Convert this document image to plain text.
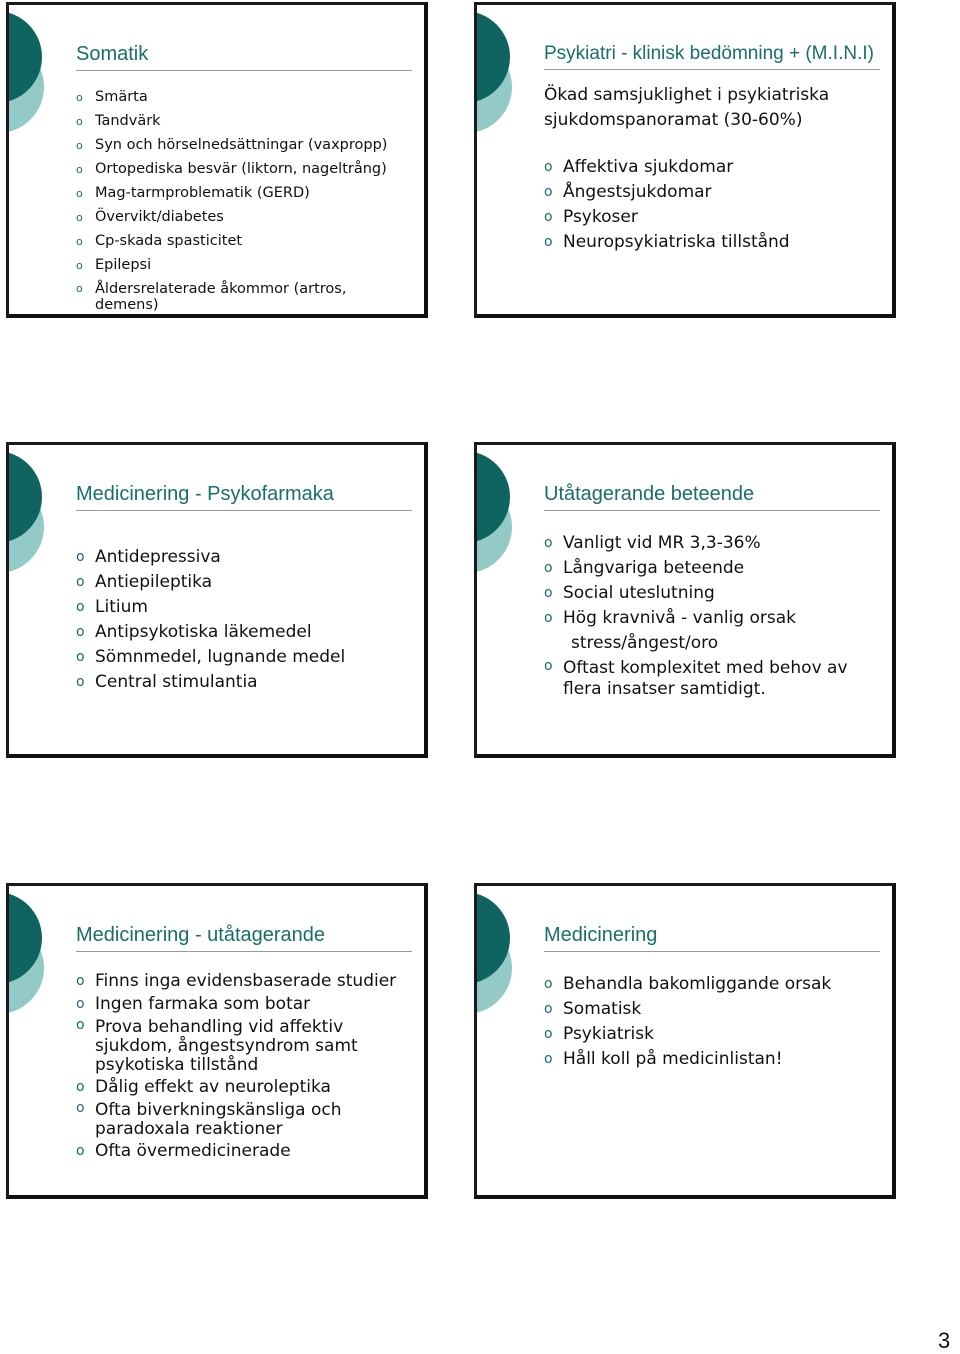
Somatik
o Smärta
o Tandvärk
o Syn och hörselnedsättningar (vaxpropp)
o Ortopediska besvär (liktorn, nageltrång)
o Mag-tarmproblematik (GERD)
o Övervikt/diabetes
o Cp-skada spasticitet
o Epilepsi
o Åldersrelaterade åkommor (artros, demens)
Psykiatri - klinisk bedömning + (M.I.N.I)
Ökad samsjuklighet i psykiatriska sjukdomspanoramat (30-60%)
o Affektiva sjukdomar
o Ångestsjukdomar
o Psykoser
o Neuropsykiatriska tillstånd
Medicinering - Psykofarmaka
o Antidepressiva
o Antiepileptika
o Litium
o Antipsykotiska läkemedel
o Sömnmedel, lugnande medel
o Central stimulantia
Utåtagerande beteende
o Vanligt vid MR 3,3-36%
o Långvariga beteende
o Social uteslutning
o Hög kravnivå - vanlig orsak
stress/ångest/oro
o Oftast komplexitet med behov av flera insatser samtidigt.
Medicinering - utåtagerande
o Finns inga evidensbaserade studier
o Ingen farmaka som botar
o Prova behandling vid affektiv sjukdom, ångestsyndrom samt psykotiska tillstånd
o Dålig effekt av neuroleptika
o Ofta biverkningskänsliga och paradoxala reaktioner
o Ofta övermedicinerade
Medicinering
o Behandla bakomliggande orsak
o Somatisk
o Psykiatrisk
o Håll koll på medicinlistan!
3
